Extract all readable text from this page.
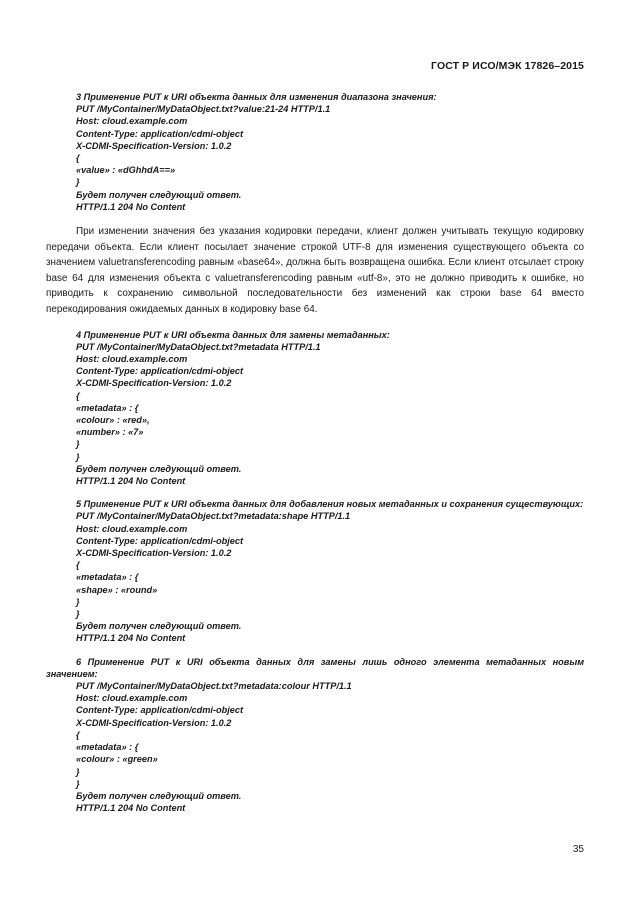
ГОСТ Р ИСО/МЭК 17826–2015
3 Применение PUT к URI объекта данных для изменения диапазона значения:
PUT /MyContainer/MyDataObject.txt?value:21-24 HTTP/1.1
Host: cloud.example.com
Content-Type: application/cdmi-object
X-CDMI-Specification-Version: 1.0.2
{
«value» : «dGhhdA==»
}
Будет получен следующий ответ.
HTTP/1.1 204 No Content
При изменении значения без указания кодировки передачи, клиент должен учитывать текущую кодировку передачи объекта. Если клиент посылает значение строкой UTF-8 для изменения существующего объекта со значением valuetransferencoding равным «base64», должна быть возвращена ошибка. Если клиент отсылает строку base 64 для изменения объекта с valuetransferencoding равным «utf-8», это не должно приводить к ошибке, но приводить к сохранению символьной последовательности без изменений как строки base 64 вместо перекодирования ожидаемых данных в кодировку base 64.
4 Применение PUT к URI объекта данных для замены метаданных:
PUT /MyContainer/MyDataObject.txt?metadata HTTP/1.1
Host: cloud.example.com
Content-Type: application/cdmi-object
X-CDMI-Specification-Version: 1.0.2
{
«metadata» : {
«colour» : «red»,
«number» : «7»
}
}
Будет получен следующий ответ.
HTTP/1.1 204 No Content
5 Применение PUT к URI объекта данных для добавления новых метаданных и сохранения существующих:
PUT /MyContainer/MyDataObject.txt?metadata:shape HTTP/1.1
Host: cloud.example.com
Content-Type: application/cdmi-object
X-CDMI-Specification-Version: 1.0.2
{
«metadata» : {
«shape» : «round»
}
}
Будет получен следующий ответ.
HTTP/1.1 204 No Content
6 Применение PUT к URI объекта данных для замены лишь одного элемента метаданных новым значением:
PUT /MyContainer/MyDataObject.txt?metadata:colour HTTP/1.1
Host: cloud.example.com
Content-Type: application/cdmi-object
X-CDMI-Specification-Version: 1.0.2
{
«metadata» : {
«colour» : «green»
}
}
Будет получен следующий ответ.
HTTP/1.1 204 No Content
35
